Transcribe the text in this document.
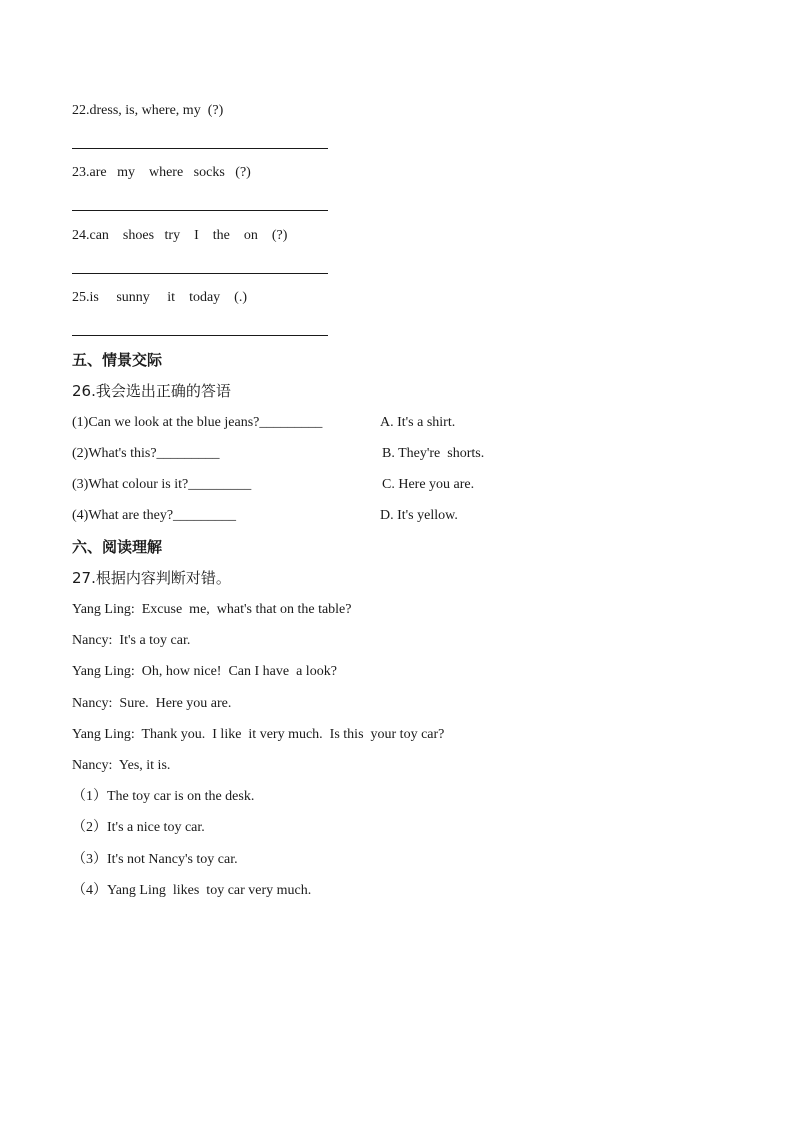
22.dress, is, where, my  (?)
23.are   my    where   socks   (?)
24.can    shoes   try    I    the    on    (?)
25.is     sunny     it    today    (.)
五、情景交际
26.我会选出正确的答语
(1)Can we look at the blue jeans?_________	A. It's a shirt.
(2)What's this?_________	B. They're  shorts.
(3)What colour is it?_________	C. Here you are.
(4)What are they?_________	D. It's yellow.
六、阅读理解
27.根据内容判断对错。
Yang Ling:  Excuse  me,  what's that on the table?
Nancy:  It's a toy car.
Yang Ling:  Oh, how nice!  Can I have  a look?
Nancy:  Sure.  Here you are.
Yang Ling:  Thank you.  I like  it very much.  Is this  your toy car?
Nancy:  Yes, it is.
（1）The toy car is on the desk.
（2）It's a nice toy car.
（3）It's not Nancy's toy car.
（4）Yang Ling  likes  toy car very much.
